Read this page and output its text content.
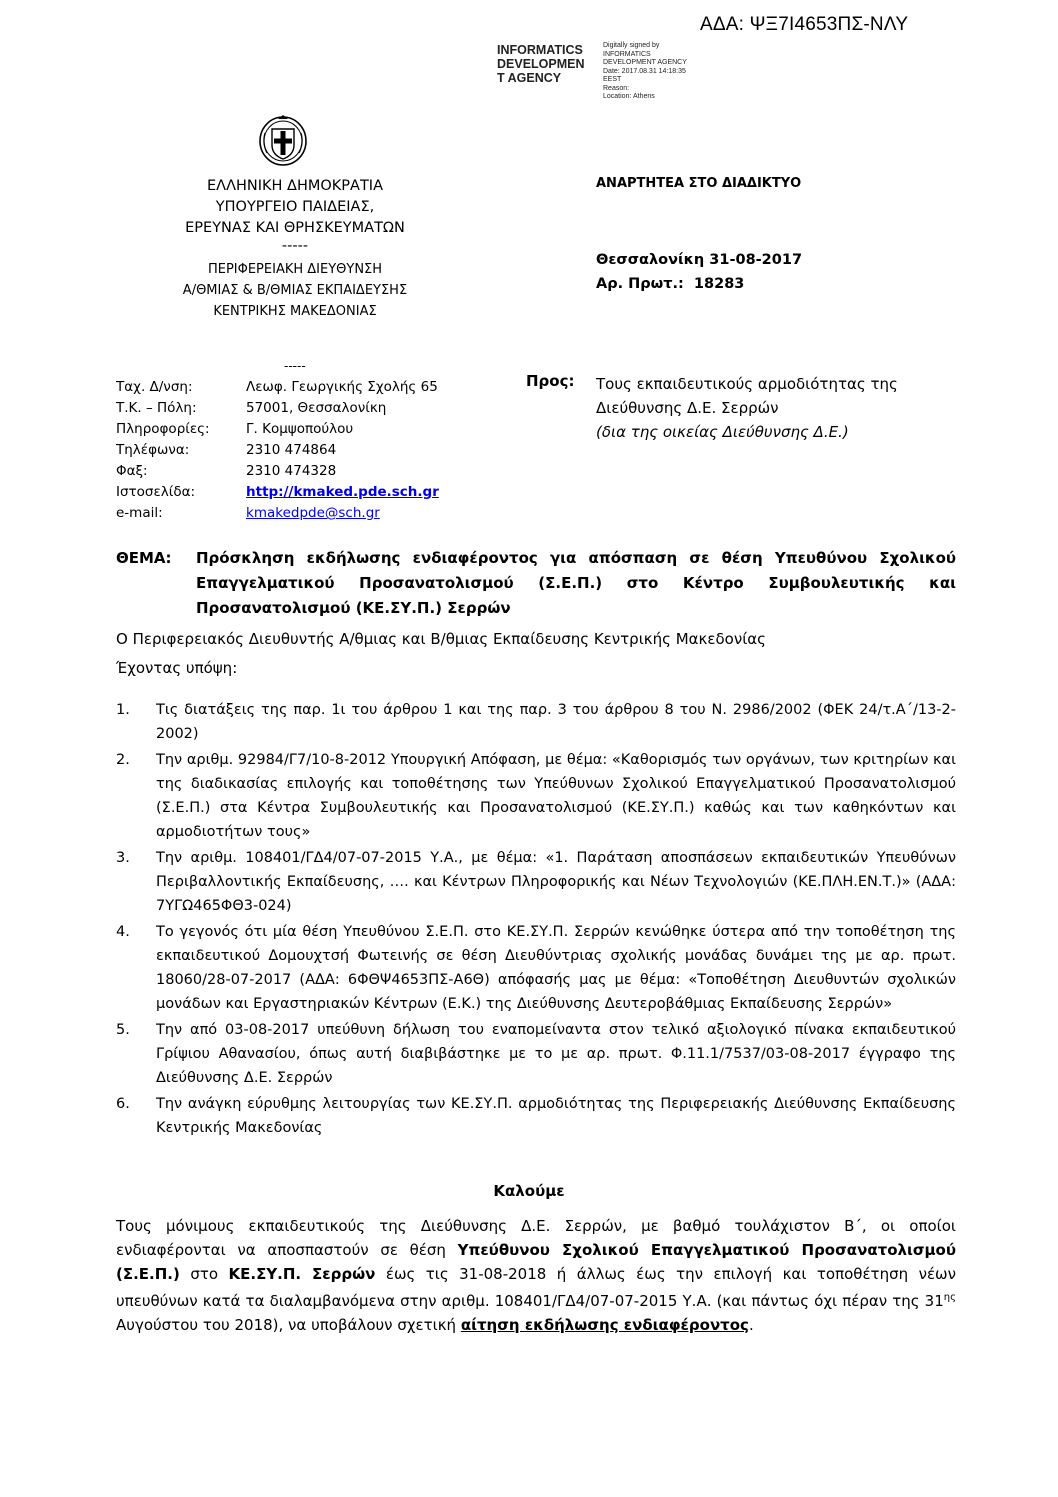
ΑΔΑ: ΨΞ7Ι4653ΠΣ-ΝΛΥ
INFORMATICS
DEVELOPMEN
T AGENCY
Digitally signed by
INFORMATICS
DEVELOPMENT AGENCY
Date: 2017.08.31 14:18:35
EEST
Reason:
Location: Athens
ΕΛΛΗΝΙΚΗ ΔΗΜΟΚΡΑΤΙΑ
ΥΠΟΥΡΓΕΙΟ ΠΑΙΔΕΙΑΣ,
ΕΡΕΥΝΑΣ ΚΑΙ ΘΡΗΣΚΕΥΜΑΤΩΝ
-----
ΠΕΡΙΦΕΡΕΙΑΚΗ ΔΙΕΥΘΥΝΣΗ
Α/ΘΜΙΑΣ & Β/ΘΜΙΑΣ ΕΚΠΑΙΔΕΥΣΗΣ
ΚΕΝΤΡΙΚΗΣ ΜΑΚΕΔΟΝΙΑΣ
ΑΝΑΡΤΗΤΕΑ ΣΤΟ ΔΙΑΔΙΚΤΥΟ
Θεσσαλονίκη 31-08-2017
Αρ. Πρωτ.:  18283
-----
Ταχ. Δ/νση:	Λεωφ. Γεωργικής Σχολής 65
Τ.Κ. – Πόλη:	57001, Θεσσαλονίκη
Πληροφορίες:	Γ. Κομψοπούλου
Τηλέφωνα:	2310 474864
Φαξ:	2310 474328
Ιστοσελίδα:	http://kmaked.pde.sch.gr
e-mail:	kmakedpde@sch.gr
Προς: Τους εκπαιδευτικούς αρμοδιότητας της
Διεύθυνσης Δ.Ε. Σερρών
(δια της οικείας Διεύθυνσης Δ.Ε.)
ΘΕΜΑ: Πρόσκληση εκδήλωσης ενδιαφέροντος για απόσπαση σε θέση Υπευθύνου Σχολικού Επαγγελματικού Προσανατολισμού (Σ.Ε.Π.) στο Κέντρο Συμβουλευτικής και Προσανατολισμού (ΚΕ.ΣΥ.Π.) Σερρών
Ο Περιφερειακός Διευθυντής Α/θμιας και Β/θμιας Εκπαίδευσης Κεντρικής Μακεδονίας
Έχοντας υπόψη:
1. Τις διατάξεις της παρ. 1ι του άρθρου 1 και της παρ. 3 του άρθρου 8 του Ν. 2986/2002 (ΦΕΚ 24/τ.Α΄/13-2-2002)
2. Την αριθμ. 92984/Γ7/10-8-2012 Υπουργική Απόφαση, με θέμα: «Καθορισμός των οργάνων, των κριτηρίων και της διαδικασίας επιλογής και τοποθέτησης των Υπεύθυνων Σχολικού Επαγγελματικού Προσανατολισμού (Σ.Ε.Π.) στα Κέντρα Συμβουλευτικής και Προσανατολισμού (ΚΕ.ΣΥ.Π.) καθώς και των καθηκόντων και αρμοδιοτήτων τους»
3. Την αριθμ. 108401/ΓΔ4/07-07-2015 Υ.Α., με θέμα: «1. Παράταση αποσπάσεων εκπαιδευτικών Υπευθύνων Περιβαλλοντικής Εκπαίδευσης, …. και Κέντρων Πληροφορικής και Νέων Τεχνολογιών (ΚΕ.ΠΛΗ.ΕΝ.Τ.)» (ΑΔΑ: 7ΥΓΩ465ΦΘ3-024)
4. Το γεγονός ότι μία θέση Υπευθύνου Σ.Ε.Π. στο ΚΕ.ΣΥ.Π. Σερρών κενώθηκε ύστερα από την τοποθέτηση της εκπαιδευτικού Δομουχτσή Φωτεινής σε θέση Διευθύντριας σχολικής μονάδας δυνάμει της με αρ. πρωτ. 18060/28-07-2017 (ΑΔΑ: 6ΦΘΨ4653ΠΣ-Α6Θ) απόφασής μας με θέμα: «Τοποθέτηση Διευθυντών σχολικών μονάδων και Εργαστηριακών Κέντρων (Ε.Κ.) της Διεύθυνσης Δευτεροβάθμιας Εκπαίδευσης Σερρών»
5. Την από 03-08-2017 υπεύθυνη δήλωση του εναπομείναντα στον τελικό αξιολογικό πίνακα εκπαιδευτικού Γρίψιου Αθανασίου, όπως αυτή διαβιβάστηκε με το με αρ. πρωτ. Φ.11.1/7537/03-08-2017 έγγραφο της Διεύθυνσης Δ.Ε. Σερρών
6. Την ανάγκη εύρυθμης λειτουργίας των ΚΕ.ΣΥ.Π. αρμοδιότητας της Περιφερειακής Διεύθυνσης Εκπαίδευσης Κεντρικής Μακεδονίας
Καλούμε
Τους μόνιμους εκπαιδευτικούς της Διεύθυνσης Δ.Ε. Σερρών, με βαθμό τουλάχιστον Β΄, οι οποίοι ενδιαφέρονται να αποσπαστούν σε θέση Υπεύθυνου Σχολικού Επαγγελματικού Προσανατολισμού (Σ.Ε.Π.) στο ΚΕ.ΣΥ.Π. Σερρών έως τις 31-08-2018 ή άλλως έως την επιλογή και τοποθέτηση νέων υπευθύνων κατά τα διαλαμβανόμενα στην αριθμ. 108401/ΓΔ4/07-07-2015 Υ.Α. (και πάντως όχι πέραν της $31^{\eta\varsigma}$ Αυγούστου του 2018), να υποβάλουν σχετική αίτηση εκδήλωσης ενδιαφέροντος.
